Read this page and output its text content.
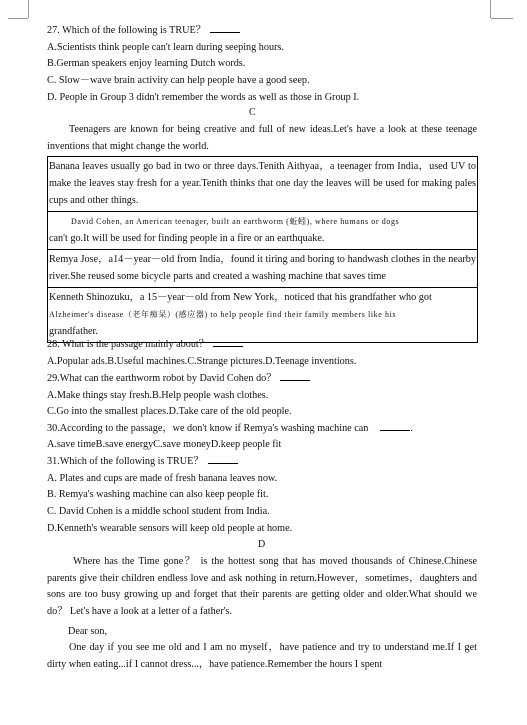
27. Which of the following is TRUE？
A.Scientists think people can't learn during seeping hours.
B.German speakers enjoy learning Dutch words.
C. Slow－wave brain activity can help people have a good seep.
D. People in Group 3 didn't remember the words as well as those in Group I.
C
Teenagers are known for being creative and full of new ideas.Let's have a look at these teenage inventions that might change the world.
Banana leaves usually go bad in two or three days.Tenith Aithyaa，a teenager from India，used UV to make the leaves stay fresh for a year.Tenith thinks that one day the leaves will be used for making pales cups and other things.
David Cohen, an American teenager, built an earthworm (蚯蚓), where humans or dogs
can't go.It will be used for finding people in a fire or an earthquake.
Remya Jose，a14－year－old from India，found it tiring and boring to handwash clothes in the nearby river.She reused some bicycle parts and created a washing machine that saves time
Kenneth Shinozuku，a 15－year－old from New York，noticed that his grandfather who got
Alzheimer's disease（老年痴呆）(感应器) to help people find their family members like his
grandfather.
28. What is the passage mainly about？
A.Popular ads.B.Useful machines.C.Strange pictures.D.Teenage inventions.
29.What can the earthworm robot by David Cohen do？
A.Make things stay fresh.B.Help people wash clothes.
C.Go into the smallest places.D.Take care of the old people.
30.According to the passage，we don't know if Remya's washing machine can	.
A.save timeB.save energyC.save moneyD.keep people fit
31.Which of the following is TRUE？
A. Plates and cups are made of fresh banana leaves now.
B. Remya's washing machine can also keep people fit.
C. David Cohen is a middle school student from India.
D.Kenneth's wearable sensors will keep old people at home.
D
Where has the Time gone？ is the hottest song that has moved thousands of Chinese.Chinese parents give their children endless love and ask nothing in return.However，sometimes，daughters and sons are too busy growing up and forget that their parents are getting older and older.What should we do？ Let's have a look at a letter of a father's.
Dear son,
One day if you see me old and I am no myself，have patience and try to understand me.If I get dirty when eating...if I cannot dress...，have patience.Remember the hours I spent
